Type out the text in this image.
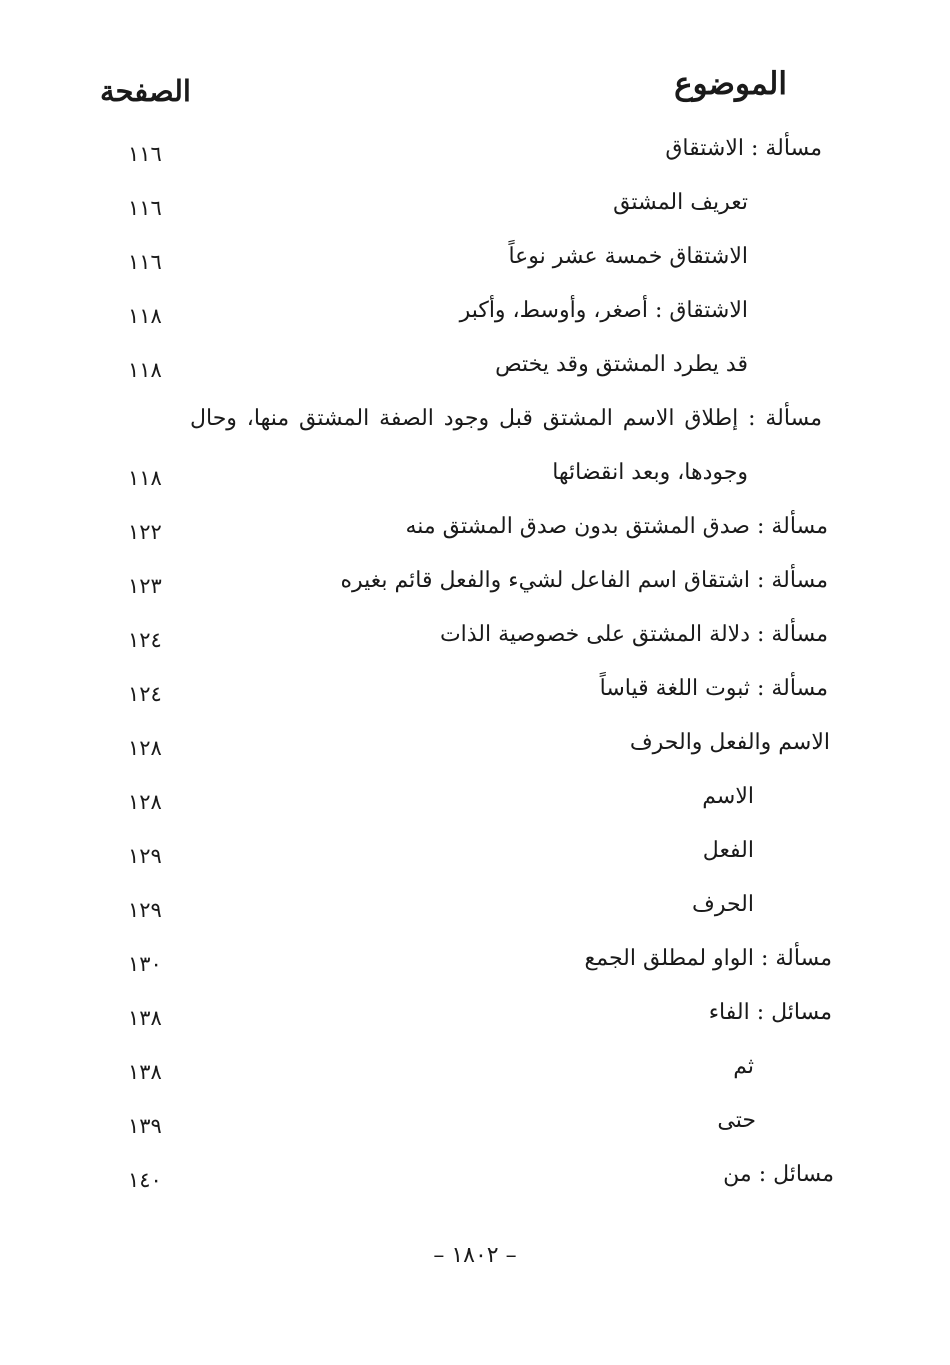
الموضوع
الصفحة
مسألة : الاشتقاق
١١٦
تعريف المشتق
١١٦
الاشتقاق خمسة عشر نوعاً
١١٦
الاشتقاق : أصغر، وأوسط، وأكبر
١١٨
قد يطرد المشتق وقد يختص
١١٨
مسألة : إطلاق الاسم المشتق قبل وجود الصفة المشتق منها، وحال
وجودها، وبعد انقضائها
١١٨
مسألة : صدق المشتق بدون صدق المشتق منه
١٢٢
مسألة : اشتقاق اسم الفاعل لشيء والفعل قائم بغيره
١٢٣
مسألة : دلالة المشتق على خصوصية الذات
١٢٤
مسألة : ثبوت اللغة قياساً
١٢٤
الاسم والفعل والحرف
١٢٨
الاسم
١٢٨
الفعل
١٢٩
الحرف
١٢٩
مسألة : الواو لمطلق الجمع
١٣٠
مسائل : الفاء
١٣٨
ثم
١٣٨
حتى
١٣٩
مسائل : من
١٤٠
– ١٨٠٢ –
